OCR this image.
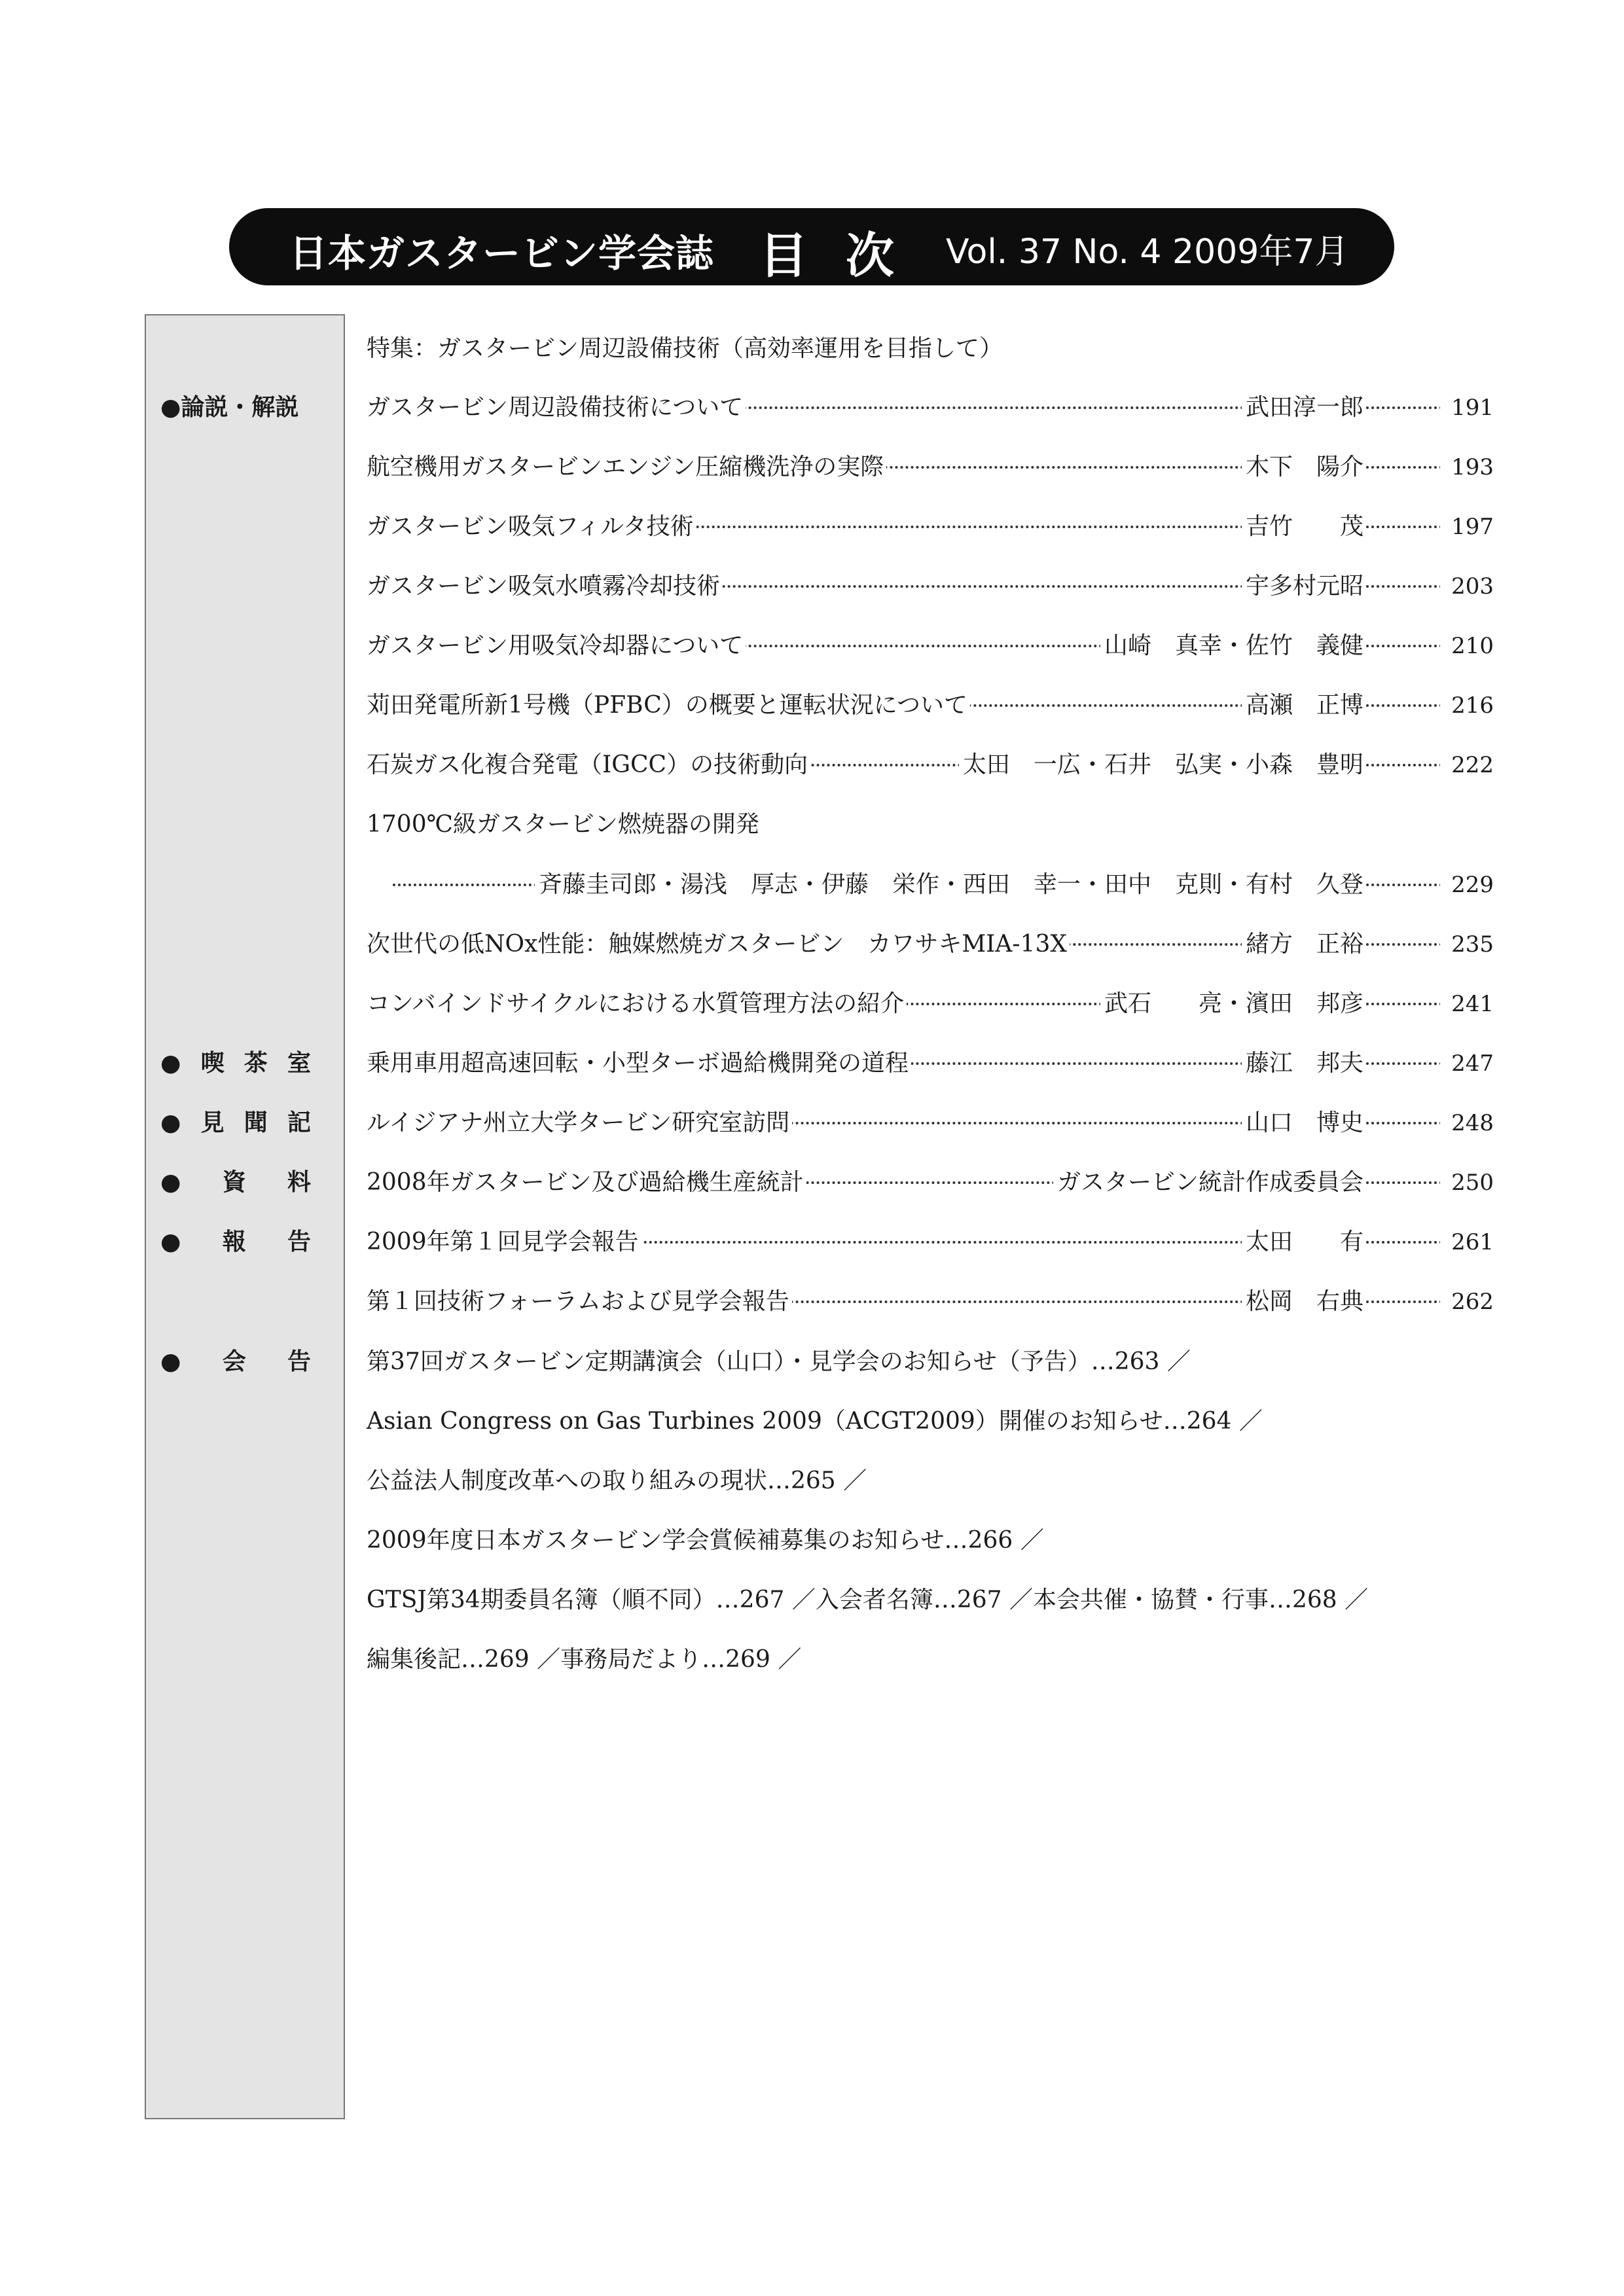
日本ガスタービン学会誌 目次 Vol. 37 No. 4 2009年7月
特集：ガスタービン周辺設備技術（高効率運用を目指して）
●論説・解説	ガスタービン周辺設備技術について	武田淳一郎	191
航空機用ガスタービンエンジン圧縮機洗浄の実際	木下　陽介	193
ガスタービン吸気フィルタ技術	吉竹　　茂	197
ガスタービン吸気水噴霧冷却技術	宇多村元昭	203
ガスタービン用吸気冷却器について	山崎　真幸・佐竹　義健	210
苅田発電所新1号機（PFBC）の概要と運転状況について	高瀬　正博	216
石炭ガス化複合発電（IGCC）の技術動向	太田　一広・石井　弘実・小森　豊明	222
1700℃級ガスタービン燃焼器の開発
斉藤圭司郎・湯浅　厚志・伊藤　栄作・西田　幸一・田中　克則・有村　久登	229
次世代の低NOx性能：触媒燃焼ガスタービン　カワサキMIA-13X	緒方　正裕	235
コンバインドサイクルにおける水質管理方法の紹介	武石　　亮・濱田　邦彦	241
● 喫 茶 室 乗用車用超高速回転・小型ターボ過給機開発の道程	藤江　邦夫	247
● 見 聞 記 ルイジアナ州立大学タービン研究室訪問	山口　博史	248
● 資 料 2008年ガスタービン及び過給機生産統計	ガスタービン統計作成委員会	250
● 報 告 2009年第１回見学会報告	太田　　有	261
第１回技術フォーラムおよび見学会報告	松岡　右典	262
● 会 告 第37回ガスタービン定期講演会（山口）・見学会のお知らせ（予告）…263 ／
Asian Congress on Gas Turbines 2009（ACGT2009）開催のお知らせ…264 ／
公益法人制度改革への取り組みの現状…265 ／
2009年度日本ガスタービン学会賞候補募集のお知らせ…266 ／
GTSJ第34期委員名簿（順不同）…267 ／入会者名簿…267 ／本会共催・協賛・行事…268 ／
編集後記…269 ／事務局だより…269 ／
